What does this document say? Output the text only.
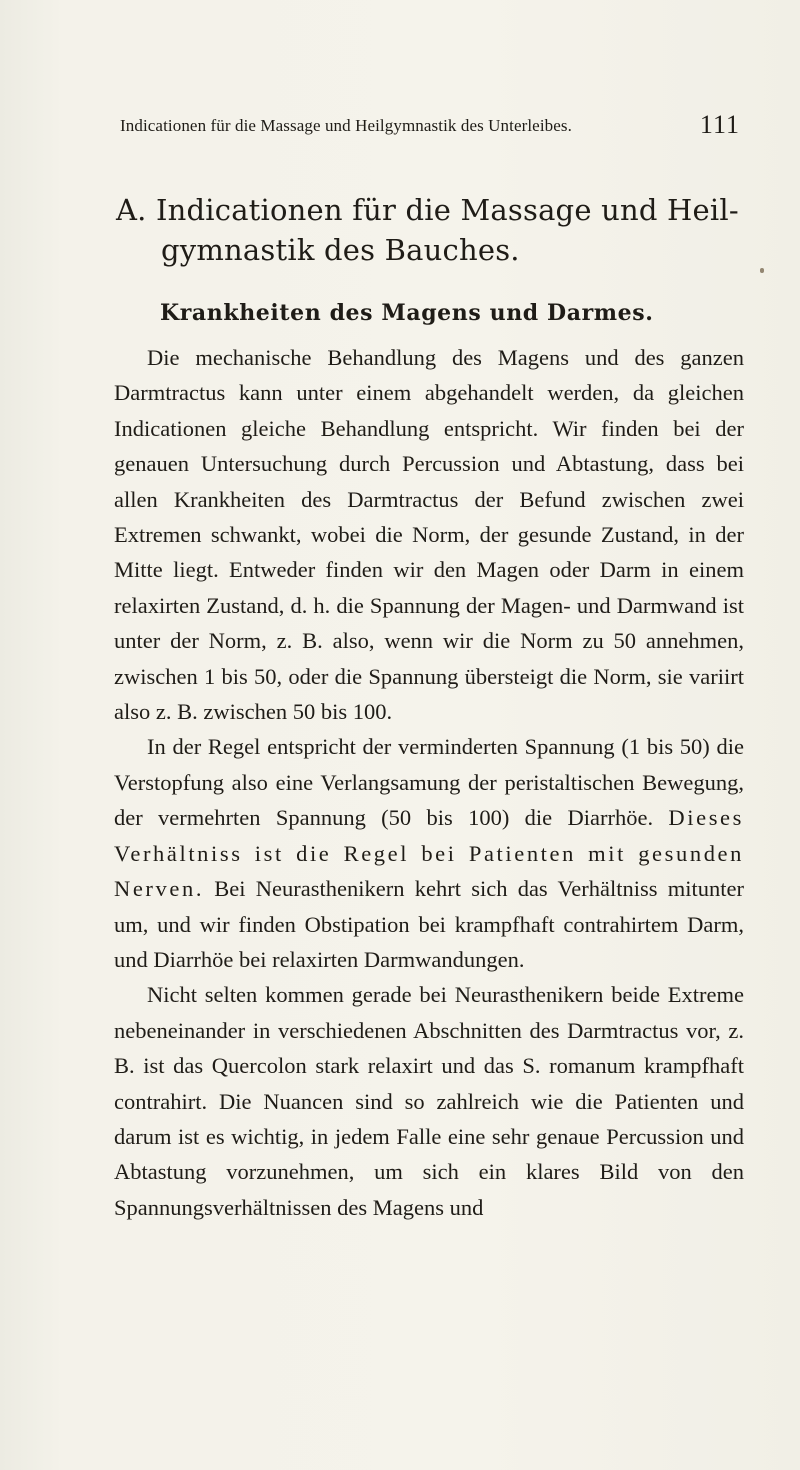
Indicationen für die Massage und Heilgymnastik des Unterleibes.	111
A. Indicationen für die Massage und Heil-
gymnastik des Bauches.
Krankheiten des Magens und Darmes.

Die mechanische Behandlung des Magens und des ganzen Darmtractus kann unter einem abgehandelt werden, da gleichen Indicationen gleiche Behandlung entspricht. Wir finden bei der genauen Untersuchung durch Percussion und Abtastung, dass bei allen Krankheiten des Darmtractus der Befund zwischen zwei Extremen schwankt, wobei die Norm, der gesunde Zustand, in der Mitte liegt. Entweder finden wir den Magen oder Darm in einem relaxirten Zustand, d. h. die Spannung der Magen- und Darmwand ist unter der Norm, z. B. also, wenn wir die Norm zu 50 annehmen, zwischen 1 bis 50, oder die Spannung übersteigt die Norm, sie variirt also z. B. zwischen 50 bis 100.

In der Regel entspricht der verminderten Spannung (1 bis 50) die Verstopfung also eine Verlangsamung der peristaltischen Bewegung, der vermehrten Spannung (50 bis 100) die Diarrhöe. Dieses Verhältniss ist die Regel bei Patienten mit gesunden Nerven. Bei Neurasthenikern kehrt sich das Verhältniss mitunter um, und wir finden Obstipation bei krampfhaft contrahirtem Darm, und Diarrhöe bei relaxirten Darmwandungen.

Nicht selten kommen gerade bei Neurasthenikern beide Extreme nebeneinander in verschiedenen Abschnitten des Darmtractus vor, z. B. ist das Quercolon stark relaxirt und das S. romanum krampfhaft contrahirt. Die Nuancen sind so zahlreich wie die Patienten und darum ist es wichtig, in jedem Falle eine sehr genaue Percussion und Abtastung vorzunehmen, um sich ein klares Bild von den Spannungsverhältnissen des Magens und
